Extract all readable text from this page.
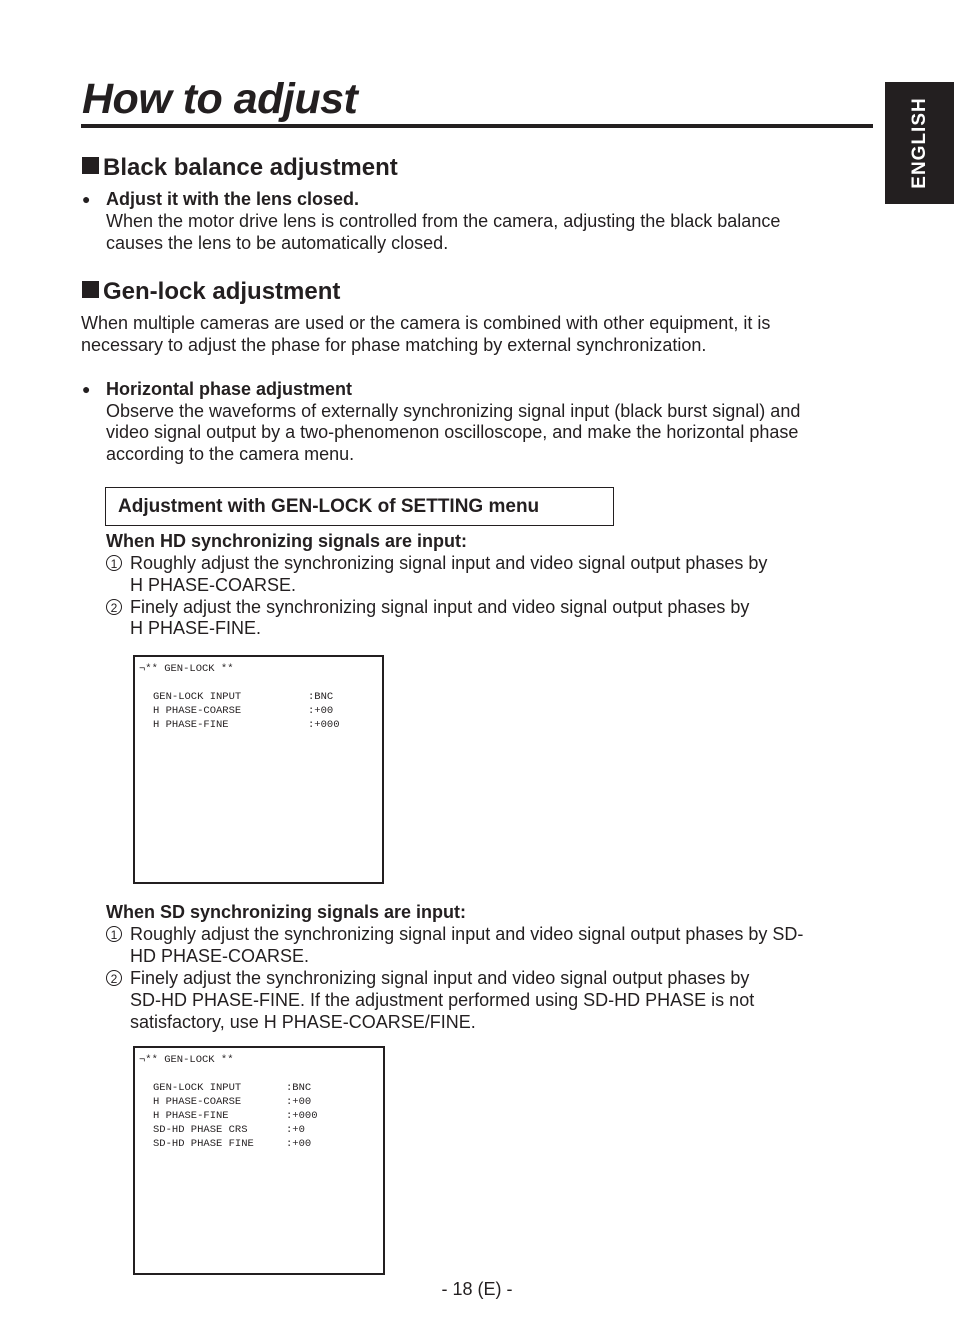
How to adjust	ENGLISH
Black balance adjustment
● Adjust it with the lens closed.
When the motor drive lens is controlled from the camera, adjusting the black balance
causes the lens to be automatically closed.
Gen-lock adjustment
When multiple cameras are used or the camera is combined with other equipment, it is
necessary to adjust the phase for phase matching by external synchronization.
● Horizontal phase adjustment
Observe the waveforms of externally synchronizing signal input (black burst signal) and
video signal output by a two-phenomenon oscilloscope, and make the horizontal phase
according to the camera menu.
Adjustment with GEN-LOCK of SETTING menu
When HD synchronizing signals are input:
1 Roughly adjust the synchronizing signal input and video signal output phases by
H PHASE-COARSE.
2 Finely adjust the synchronizing signal input and video signal output phases by
H PHASE-FINE.
¬** GEN-LOCK **
GEN-LOCK INPUT	:BNC
H PHASE-COARSE	:+00
H PHASE-FINE	:+000
When SD synchronizing signals are input:
1 Roughly adjust the synchronizing signal input and video signal output phases by SD-
HD PHASE-COARSE.
2 Finely adjust the synchronizing signal input and video signal output phases by
SD-HD PHASE-FINE. If the adjustment performed using SD-HD PHASE is not
satisfactory, use H PHASE-COARSE/FINE.
¬** GEN-LOCK **
GEN-LOCK INPUT	:BNC
H PHASE-COARSE	:+00
H PHASE-FINE	:+000
SD-HD PHASE CRS	:+0
SD-HD PHASE FINE	:+00
- 18 (E) -
